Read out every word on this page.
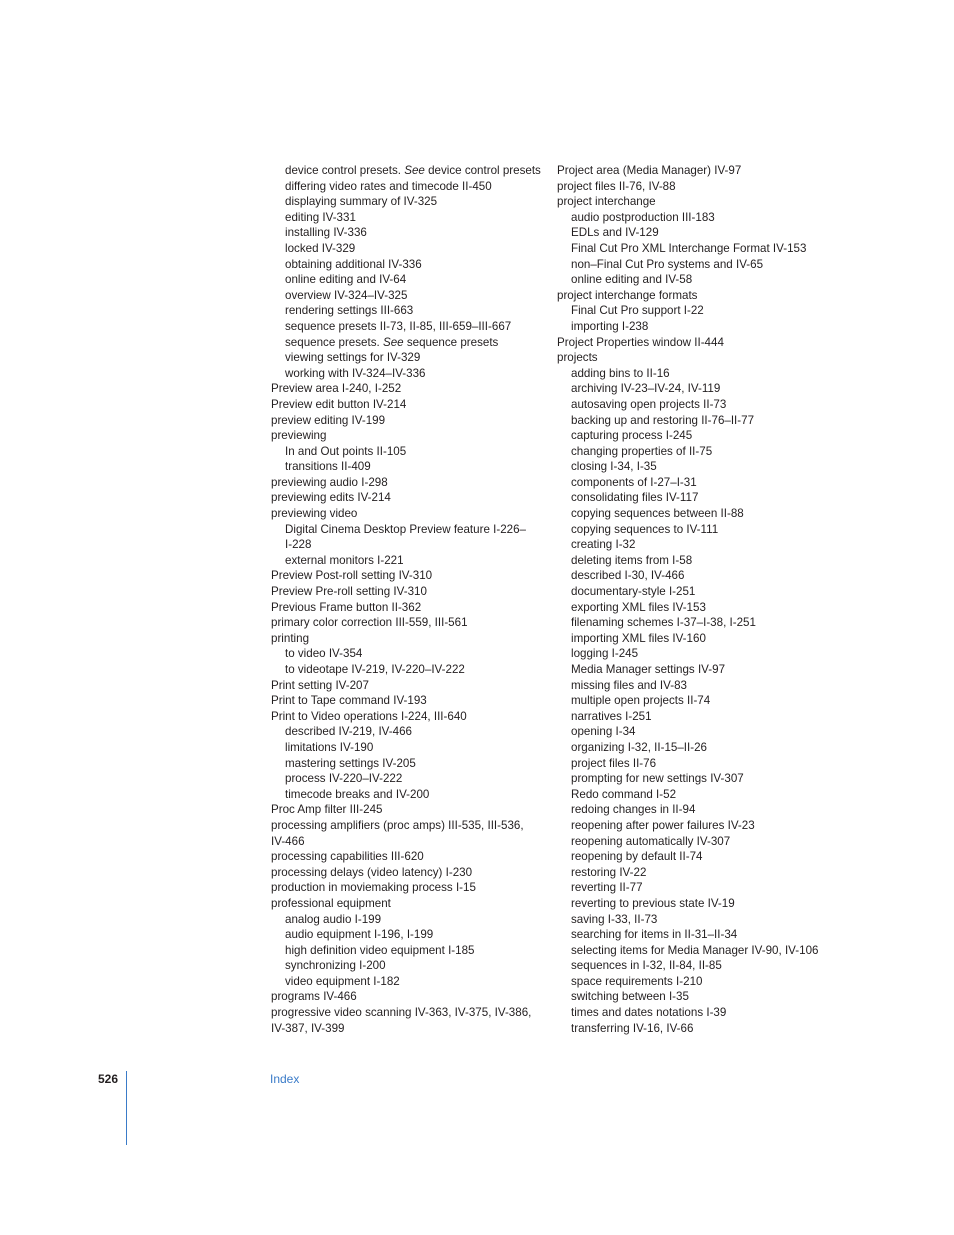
device control presets. See device control presets

differing video rates and timecode II-450

displaying summary of IV-325

editing IV-331

installing IV-336

locked IV-329

obtaining additional IV-336

online editing and IV-64

overview IV-324–IV-325

rendering settings III-663

sequence presets II-73, II-85, III-659–III-667

sequence presets. See sequence presets

viewing settings for IV-329

working with IV-324–IV-336

Preview area I-240, I-252

Preview edit button IV-214

preview editing IV-199

previewing

In and Out points II-105

transitions II-409

previewing audio I-298

previewing edits IV-214

previewing video

Digital Cinema Desktop Preview feature I-226–

I-228

external monitors I-221

Preview Post-roll setting IV-310

Preview Pre-roll setting IV-310

Previous Frame button II-362

primary color correction III-559, III-561

printing

to video IV-354

to videotape IV-219, IV-220–IV-222

Print setting IV-207

Print to Tape command IV-193

Print to Video operations I-224, III-640

described IV-219, IV-466

limitations IV-190

mastering settings IV-205

process IV-220–IV-222

timecode breaks and IV-200

Proc Amp filter III-245

processing amplifiers (proc amps) III-535, III-536,

IV-466

processing capabilities III-620

processing delays (video latency) I-230

production in moviemaking process I-15

professional equipment

analog audio I-199

audio equipment I-196, I-199

high definition video equipment I-185

synchronizing I-200

video equipment I-182

programs IV-466

progressive video scanning IV-363, IV-375, IV-386,

IV-387, IV-399

Project area (Media Manager) IV-97

project files II-76, IV-88

project interchange

audio postproduction III-183

EDLs and IV-129

Final Cut Pro XML Interchange Format IV-153

non–Final Cut Pro systems and IV-65

online editing and IV-58

project interchange formats

Final Cut Pro support I-22

importing I-238

Project Properties window II-444

projects

adding bins to II-16

archiving IV-23–IV-24, IV-119

autosaving open projects II-73

backing up and restoring II-76–II-77

capturing process I-245

changing properties of II-75

closing I-34, I-35

components of I-27–I-31

consolidating files IV-117

copying sequences between II-88

copying sequences to IV-111

creating I-32

deleting items from I-58

described I-30, IV-466

documentary-style I-251

exporting XML files IV-153

filenaming schemes I-37–I-38, I-251

importing XML files IV-160

logging I-245

Media Manager settings IV-97

missing files and IV-83

multiple open projects II-74

narratives I-251

opening I-34

organizing I-32, II-15–II-26

project files II-76

prompting for new settings IV-307

Redo command I-52

redoing changes in II-94

reopening after power failures IV-23

reopening automatically IV-307

reopening by default II-74

restoring IV-22

reverting II-77

reverting to previous state IV-19

saving I-33, II-73

searching for items in II-31–II-34

selecting items for Media Manager IV-90, IV-106

sequences in I-32, II-84, II-85

space requirements I-210

switching between I-35

times and dates notations I-39

transferring IV-16, IV-66

526	Index
